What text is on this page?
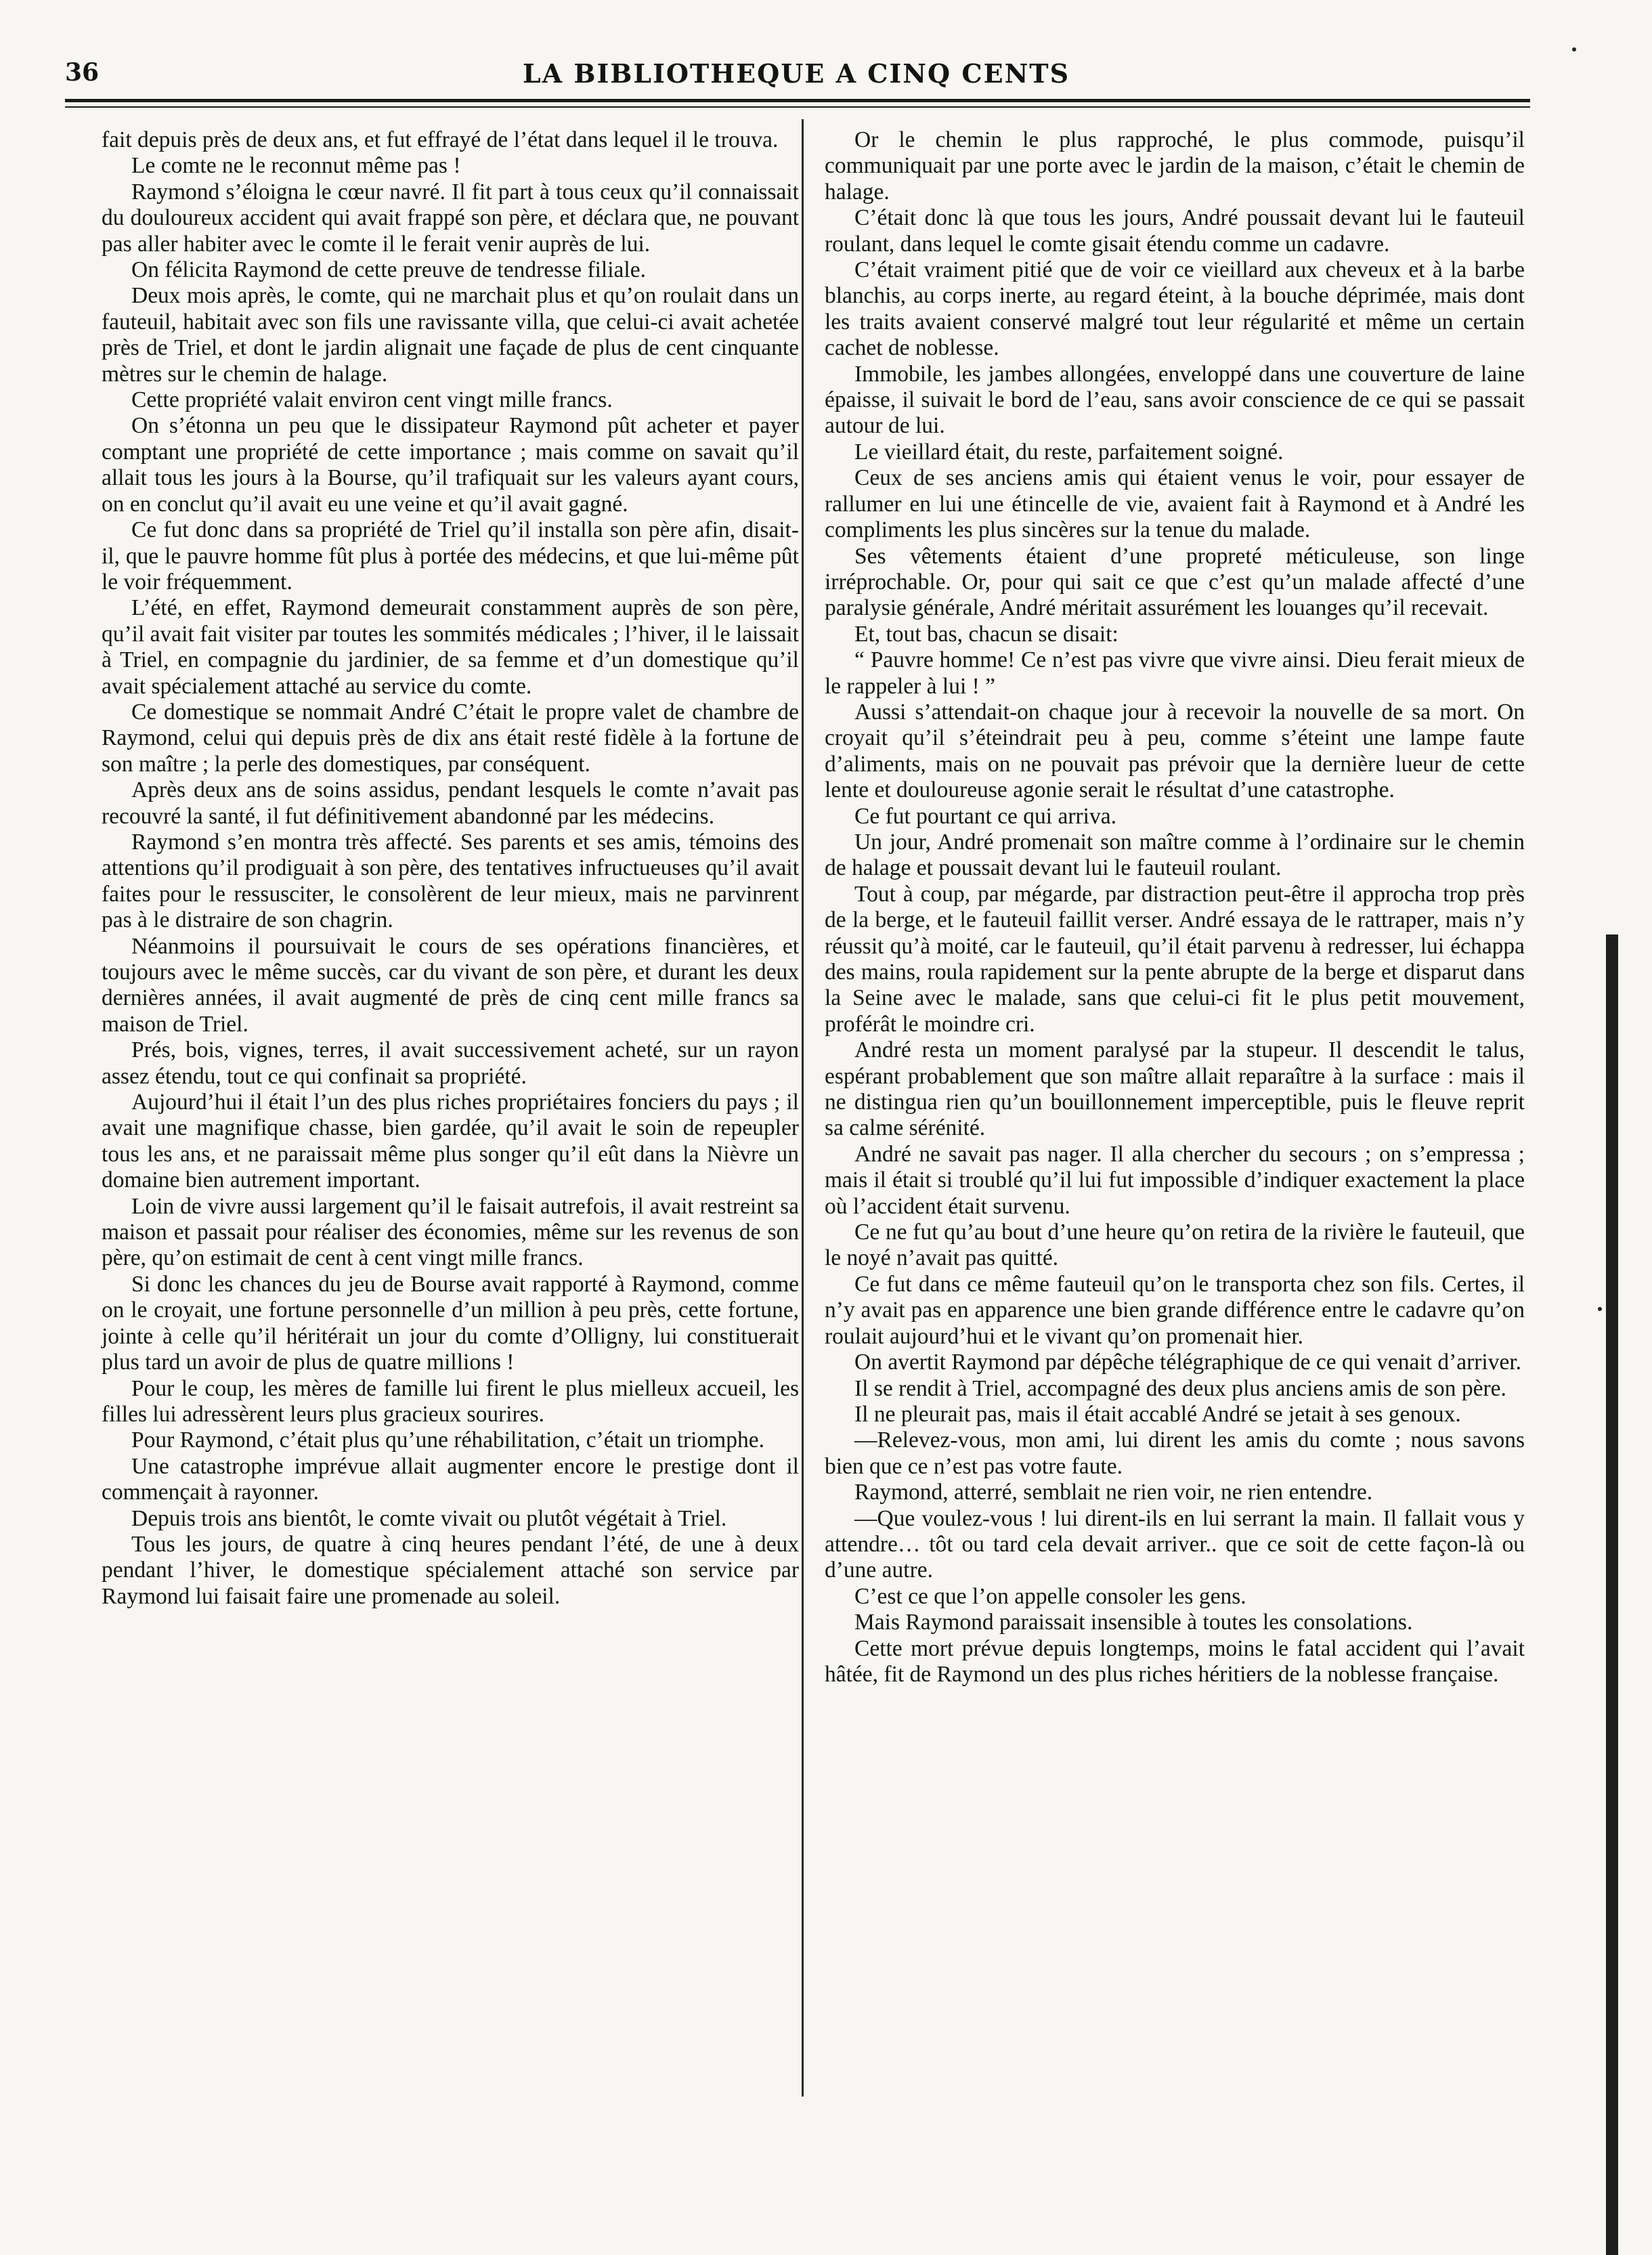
36	LA BIBLIOTHEQUE A CINQ CENTS

fait depuis près de deux ans, et fut effrayé de l’état dans lequel il le trouva.

Le comte ne le reconnut même pas !

Raymond s’éloigna le cœur navré. Il fit part à tous ceux qu’il connaissait du douloureux accident qui avait frappé son père, et déclara que, ne pouvant pas aller habiter avec le comte il le ferait venir auprès de lui.

On félicita Raymond de cette preuve de tendresse filiale.

Deux mois après, le comte, qui ne marchait plus et qu’on roulait dans un fauteuil, habitait avec son fils une ravissante villa, que celui-ci avait achetée près de Triel, et dont le jardin alignait une façade de plus de cent cinquante mètres sur le chemin de halage.

Cette propriété valait environ cent vingt mille francs.

On s’étonna un peu que le dissipateur Raymond pût acheter et payer comptant une propriété de cette importance ; mais comme on savait qu’il allait tous les jours à la Bourse, qu’il trafiquait sur les valeurs ayant cours, on en conclut qu’il avait eu une veine et qu’il avait gagné.

Ce fut donc dans sa propriété de Triel qu’il installa son père afin, disait-il, que le pauvre homme fût plus à portée des médecins, et que lui-même pût le voir fréquemment.

L’été, en effet, Raymond demeurait constamment auprès de son père, qu’il avait fait visiter par toutes les sommités médicales ; l’hiver, il le laissait à Triel, en compagnie du jardinier, de sa femme et d’un domestique qu’il avait spécialement attaché au service du comte.

Ce domestique se nommait André C’était le propre valet de chambre de Raymond, celui qui depuis près de dix ans était resté fidèle à la fortune de son maître ; la perle des domestiques, par conséquent.

Après deux ans de soins assidus, pendant lesquels le comte n’avait pas recouvré la santé, il fut définitivement abandonné par les médecins.

Raymond s’en montra très affecté. Ses parents et ses amis, témoins des attentions qu’il prodiguait à son père, des tentatives infructueuses qu’il avait faites pour le ressusciter, le consolèrent de leur mieux, mais ne parvinrent pas à le distraire de son chagrin.

Néanmoins il poursuivait le cours de ses opérations financières, et toujours avec le même succès, car du vivant de son père, et durant les deux dernières années, il avait augmenté de près de cinq cent mille francs sa maison de Triel.

Prés, bois, vignes, terres, il avait successivement acheté, sur un rayon assez étendu, tout ce qui confinait sa propriété.

Aujourd’hui il était l’un des plus riches propriétaires fonciers du pays ; il avait une magnifique chasse, bien gardée, qu’il avait le soin de repeupler tous les ans, et ne paraissait même plus songer qu’il eût dans la Nièvre un domaine bien autrement important.

Loin de vivre aussi largement qu’il le faisait autrefois, il avait restreint sa maison et passait pour réaliser des économies, même sur les revenus de son père, qu’on estimait de cent à cent vingt mille francs.

Si donc les chances du jeu de Bourse avait rapporté à Raymond, comme on le croyait, une fortune personnelle d’un million à peu près, cette fortune, jointe à celle qu’il héritérait un jour du comte d’Olligny, lui constituerait plus tard un avoir de plus de quatre millions !

Pour le coup, les mères de famille lui firent le plus mielleux accueil, les filles lui adressèrent leurs plus gracieux sourires.

Pour Raymond, c’était plus qu’une réhabilitation, c’était un triomphe.

Une catastrophe imprévue allait augmenter encore le prestige dont il commençait à rayonner.

Depuis trois ans bientôt, le comte vivait ou plutôt végétait à Triel.

Tous les jours, de quatre à cinq heures pendant l’été, de une à deux pendant l’hiver, le domestique spécialement attaché son service par Raymond lui faisait faire une promenade au soleil.

Or le chemin le plus rapproché, le plus commode, puisqu’il communiquait par une porte avec le jardin de la maison, c’était le chemin de halage.

C’était donc là que tous les jours, André poussait devant lui le fauteuil roulant, dans lequel le comte gisait étendu comme un cadavre.

C’était vraiment pitié que de voir ce vieillard aux cheveux et à la barbe blanchis, au corps inerte, au regard éteint, à la bouche déprimée, mais dont les traits avaient conservé malgré tout leur régularité et même un certain cachet de noblesse.

Immobile, les jambes allongées, enveloppé dans une couverture de laine épaisse, il suivait le bord de l’eau, sans avoir conscience de ce qui se passait autour de lui.

Le vieillard était, du reste, parfaitement soigné.

Ceux de ses anciens amis qui étaient venus le voir, pour essayer de rallumer en lui une étincelle de vie, avaient fait à Raymond et à André les compliments les plus sincères sur la tenue du malade.

Ses vêtements étaient d’une propreté méticuleuse, son linge irréprochable. Or, pour qui sait ce que c’est qu’un malade affecté d’une paralysie générale, André méritait assurément les louanges qu’il recevait.

Et, tout bas, chacun se disait:

“ Pauvre homme! Ce n’est pas vivre que vivre ainsi. Dieu ferait mieux de le rappeler à lui ! ”

Aussi s’attendait-on chaque jour à recevoir la nouvelle de sa mort. On croyait qu’il s’éteindrait peu à peu, comme s’éteint une lampe faute d’aliments, mais on ne pouvait pas prévoir que la dernière lueur de cette lente et douloureuse agonie serait le résultat d’une catastrophe.

Ce fut pourtant ce qui arriva.

Un jour, André promenait son maître comme à l’ordinaire sur le chemin de halage et poussait devant lui le fauteuil roulant.

Tout à coup, par mégarde, par distraction peut-être il approcha trop près de la berge, et le fauteuil faillit verser. André essaya de le rattraper, mais n’y réussit qu’à moité, car le fauteuil, qu’il était parvenu à redresser, lui échappa des mains, roula rapidement sur la pente abrupte de la berge et disparut dans la Seine avec le malade, sans que celui-ci fit le plus petit mouvement, proférât le moindre cri.

André resta un moment paralysé par la stupeur. Il descendit le talus, espérant probablement que son maître allait reparaître à la surface : mais il ne distingua rien qu’un bouillonnement imperceptible, puis le fleuve reprit sa calme sérénité.

André ne savait pas nager. Il alla chercher du secours ; on s’empressa ; mais il était si troublé qu’il lui fut impossible d’indiquer exactement la place où l’accident était survenu.

Ce ne fut qu’au bout d’une heure qu’on retira de la rivière le fauteuil, que le noyé n’avait pas quitté.

Ce fut dans ce même fauteuil qu’on le transporta chez son fils. Certes, il n’y avait pas en apparence une bien grande différence entre le cadavre qu’on roulait aujourd’hui et le vivant qu’on promenait hier.

On avertit Raymond par dépêche télégraphique de ce qui venait d’arriver.

Il se rendit à Triel, accompagné des deux plus anciens amis de son père.

Il ne pleurait pas, mais il était accablé André se jetait à ses genoux.

—Relevez-vous, mon ami, lui dirent les amis du comte ; nous savons bien que ce n’est pas votre faute.

Raymond, atterré, semblait ne rien voir, ne rien entendre.

—Que voulez-vous ! lui dirent-ils en lui serrant la main. Il fallait vous y attendre… tôt ou tard cela devait arriver.. que ce soit de cette façon-là ou d’une autre.

C’est ce que l’on appelle consoler les gens.

Mais Raymond paraissait insensible à toutes les consolations.

Cette mort prévue depuis longtemps, moins le fatal accident qui l’avait hâtée, fit de Raymond un des plus riches héritiers de la noblesse française.
